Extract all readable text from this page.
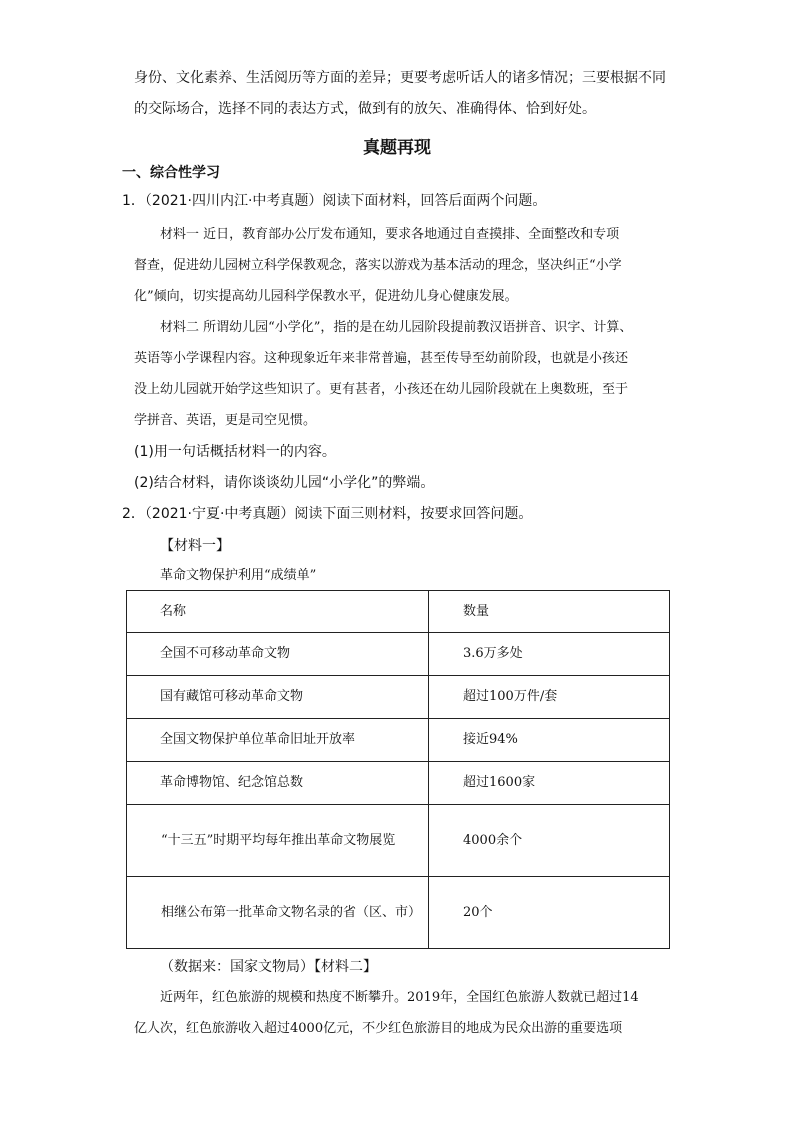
身份、文化素养、生活阅历等方面的差异；更要考虑听话人的诸多情况；三要根据不同
的交际场合，选择不同的表达方式，做到有的放矢、准确得体、恰到好处。
真题再现
一、综合性学习
1．（2021·四川内江·中考真题）阅读下面材料，回答后面两个问题。
材料一 近日，教育部办公厅发布通知，要求各地通过自查摸排、全面整改和专项
督查，促进幼儿园树立科学保教观念，落实以游戏为基本活动的理念，坚决纠正“小学
化”倾向，切实提高幼儿园科学保教水平，促进幼儿身心健康发展。
材料二 所谓幼儿园“小学化”，指的是在幼儿园阶段提前教汉语拼音、识字、计算、
英语等小学课程内容。这种现象近年来非常普遍，甚至传导至幼前阶段，也就是小孩还
没上幼儿园就开始学这些知识了。更有甚者，小孩还在幼儿园阶段就在上奥数班，至于
学拼音、英语，更是司空见惯。
(1)用一句话概括材料一的内容。
(2)结合材料，请你谈谈幼儿园“小学化”的弊端。
2．（2021·宁夏·中考真题）阅读下面三则材料，按要求回答问题。
【材料一】
革命文物保护利用“成绩单”
名称	数量
全国不可移动革命文物	3.6万多处
国有藏馆可移动革命文物	超过100万件/套
全国文物保护单位革命旧址开放率	接近94%
革命博物馆、纪念馆总数	超过1600家
“十三五”时期平均每年推出革命文物展览	4000余个
相继公布第一批革命文物名录的省（区、市）	20个
（数据来：国家文物局）【材料二】
近两年，红色旅游的规模和热度不断攀升。2019年，全国红色旅游人数就已超过14
亿人次，红色旅游收入超过4000亿元，不少红色旅游目的地成为民众出游的重要选项
